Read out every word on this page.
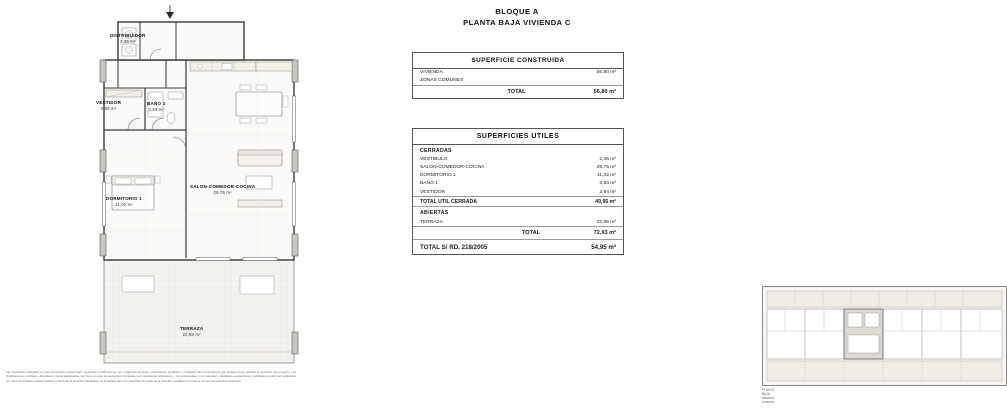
DISTRIBUIDOR
2,46 m²
VESTIDOR
3,89 m²
BAÑO 1
3,83 m²
DORMITORIO 1
11,02 m²
SALON-COMEDOR-COCINA
29,75 m²
TERRAZA
22,98 m²
Las superficies reflejadas en este documento podrán sufrir pequeñas modificaciones por exigencias técnicas, urbanísticas, de diseño o cualquier otra circunstancia que pudiera surgir durante la ejecución del proyecto. Las distribuciones, mobiliario, decoración, zonas ajardinadas, así como el resto de elementos mostrados son meramente orientativos y no contractuales. Los materiales, calidades, equipamiento y acabados podrán ser sustituidos por otros de similares características a criterio de la dirección facultativa. La superficie útil es la superficie del suelo de la vivienda, medida por el interior de sus cerramientos exteriores.
BLOQUE A
PLANTA BAJA VIVIENDA C
SUPERFICIE CONSTRUIDA
VIVIENDA	56,80 m²
ZONAS COMUNES	
TOTAL	56,80 m²
SUPERFICIES UTILES
CERRADAS	
VESTIBULO	2,46 m²
SALON-COMEDOR-COCINA	29,75 m²
DORMITORIO 1	11,02 m²
BAÑO 1	3,83 m²
VESTIDOR	2,94 m²
TOTAL UTIL CERRADA	49,95 m²
ABIERTAS	
TERRAZA	22,98 m²
TOTAL	72,93 m²
TOTAL S/ RD. 218/2005	54,95 m²
PLANTA BAJA · situación vivienda
